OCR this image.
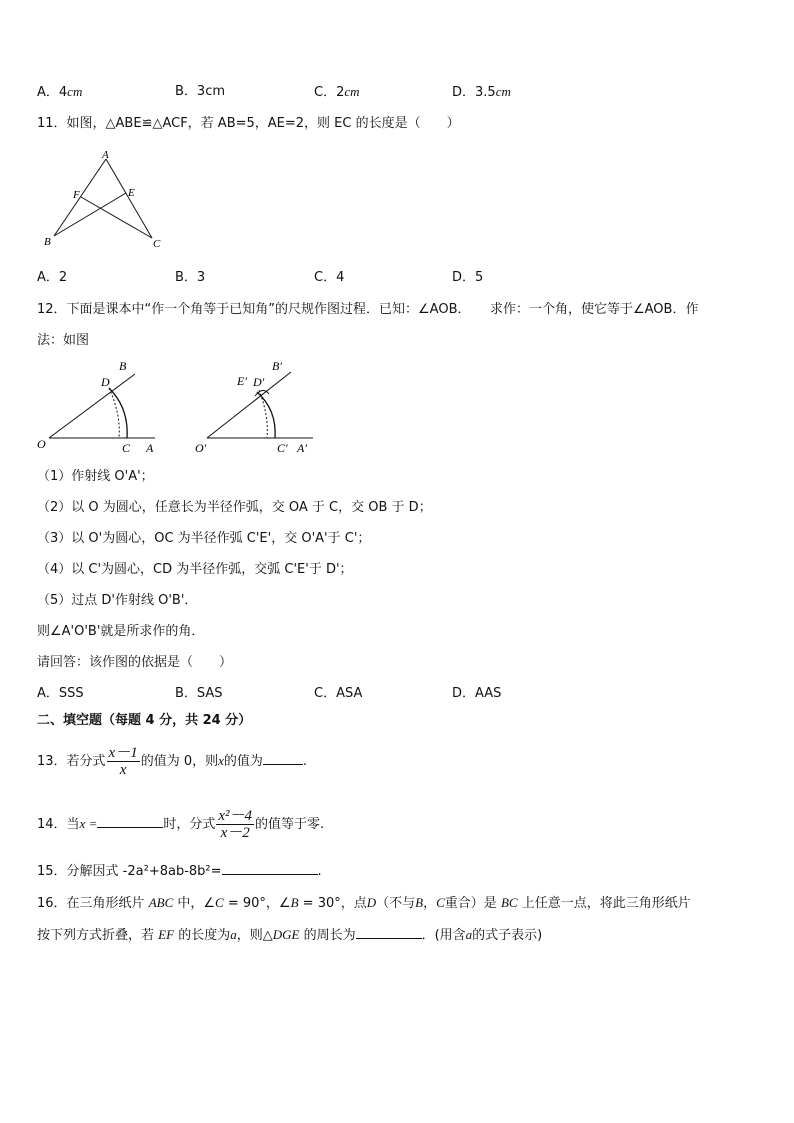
A．4cm	B．3cm	C．2cm	D．3.5cm
11．如图，△ABE≌△ACF，若 AB=5，AE=2，则 EC 的长度是（　　）
A
B	C
E
F
A．2	B．3	C．4	D．5
12．下面是课本中“作一个角等于已知角”的尺规作图过程．已知：∠AOB．　　求作：一个角，使它等于∠AOB．作
法：如图
O	A
B
C
D
O′	A′
B′
C′
D′
E′
（1）作射线 O'A'；
（2）以 O 为圆心，任意长为半径作弧，交 OA 于 C，交 OB 于 D；
（3）以 O'为圆心，OC 为半径作弧 C'E'，交 O'A'于 C'；
（4）以 C'为圆心，CD 为半径作弧，交弧 C'E'于 D'；
（5）过点 D'作射线 O'B'．
则∠A'O'B'就是所求作的角．
请回答：该作图的依据是（　　）
A．SSS	B．SAS	C．ASA	D．AAS
二、填空题（每题 4 分，共 24 分）
13．若分式 $\frac{x-1}{x}$ 的值为 0，则x的值为	.
14．当x =	时，分式 $\frac{\text{x²－4}}{x-2}$ 的值等于零.
15．分解因式 -2a²+8ab-8b²=	.
16．在三角形纸片 ABC 中，∠C = 90°，∠B = 30°，点D（不与B，C重合）是 BC 上任意一点，将此三角形纸片
按下列方式折叠，若 EF 的长度为a，则△DGE 的周长为	．(用含a的式子表示)
